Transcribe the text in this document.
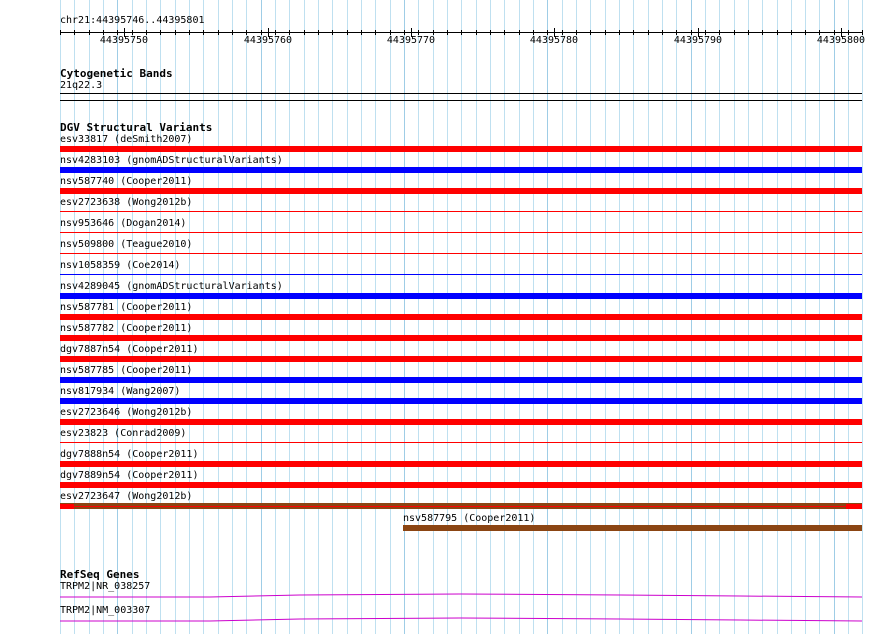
chr21:44395746..44395801
44395750	44395760	44395770	44395780	44395790	44395800
Cytogenetic Bands
21q22.3
DGV Structural Variants
esv33817 (deSmith2007)
nsv4283103 (gnomADStructuralVariants)
nsv587740 (Cooper2011)
esv2723638 (Wong2012b)
nsv953646 (Dogan2014)
nsv509800 (Teague2010)
nsv1058359 (Coe2014)
nsv4289045 (gnomADStructuralVariants)
nsv587781 (Cooper2011)
nsv587782 (Cooper2011)
dgv7887n54 (Cooper2011)
nsv587785 (Cooper2011)
nsv817934 (Wang2007)
esv2723646 (Wong2012b)
esv23823 (Conrad2009)
dgv7888n54 (Cooper2011)
dgv7889n54 (Cooper2011)
esv2723647 (Wong2012b)
nsv587795 (Cooper2011)
RefSeq Genes
TRPM2|NR_038257
TRPM2|NM_003307
